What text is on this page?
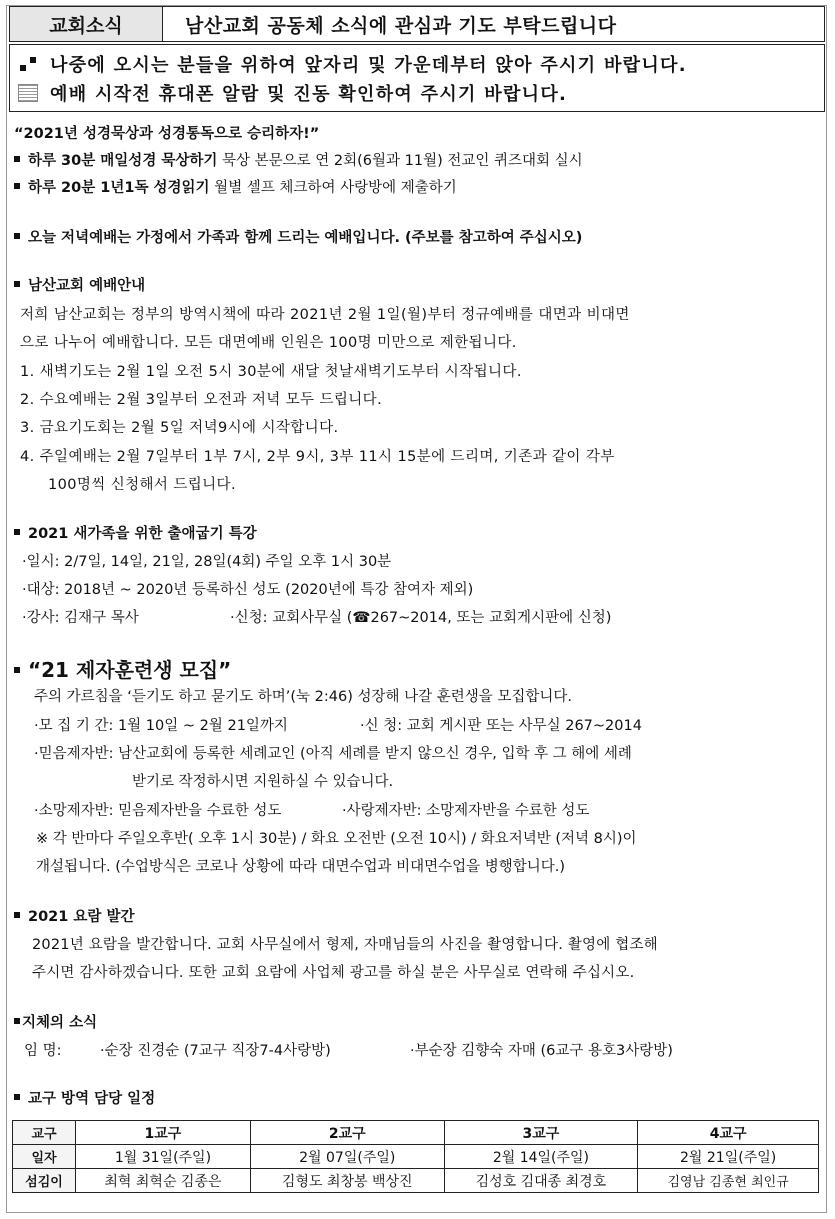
교회소식	남산교회 공동체 소식에 관심과 기도 부탁드립니다
나중에 오시는 분들을 위하여 앞자리 및 가운데부터 앉아 주시기 바랍니다.
예배 시작전 휴대폰 알람 및 진동 확인하여 주시기 바랍니다.
“2021년 성경묵상과 성경통독으로 승리하자!”
하루 30분 매일성경 묵상하기 묵상 본문으로 연 2회(6월과 11월) 전교인 퀴즈대회 실시
하루 20분 1년1독 성경읽기 월별 셀프 체크하여 사랑방에 제출하기
오늘 저녁예배는 가정에서 가족과 함께 드리는 예배입니다. (주보를 참고하여 주십시오)
남산교회 예배안내
저희 남산교회는 정부의 방역시책에 따라 2021년 2월 1일(월)부터 정규예배를 대면과 비대면
으로 나누어 예배합니다. 모든 대면예배 인원은 100명 미만으로 제한됩니다.
1. 새벽기도는 2월 1일 오전 5시 30분에 새달 첫날새벽기도부터 시작됩니다.
2. 수요예배는 2월 3일부터 오전과 저녁 모두 드립니다.
3. 금요기도회는 2월 5일 저녁9시에 시작합니다.
4. 주일예배는 2월 7일부터 1부 7시, 2부 9시, 3부 11시 15분에 드리며, 기존과 같이 각부
100명씩 신청해서 드립니다.
2021 새가족을 위한 출애굽기 특강
·일시: 2/7일, 14일, 21일, 28일(4회) 주일 오후 1시 30분
·대상: 2018년 ~ 2020년 등록하신 성도 (2020년에 특강 참여자 제외)
·강사: 김재구 목사	·신청: 교회사무실 (☎267~2014, 또는 교회게시판에 신청)
“21 제자훈련생 모집”
주의 가르침을 ‘듣기도 하고 묻기도 하며’(눅 2:46) 성장해 나갈 훈련생을 모집합니다.
·모 집 기 간: 1월 10일 ~ 2월 21일까지	·신 청: 교회 게시판 또는 사무실 267~2014
·믿음제자반: 남산교회에 등록한 세례교인 (아직 세례를 받지 않으신 경우, 입학 후 그 해에 세례
받기로 작정하시면 지원하실 수 있습니다.
·소망제자반: 믿음제자반을 수료한 성도	·사랑제자반: 소망제자반을 수료한 성도
※ 각 반마다 주일오후반( 오후 1시 30분) / 화요 오전반 (오전 10시) / 화요저녁반 (저녁 8시)이
개설됩니다. (수업방식은 코로나 상황에 따라 대면수업과 비대면수업을 병행합니다.)
2021 요람 발간
2021년 요람을 발간합니다. 교회 사무실에서 형제, 자매님들의 사진을 촬영합니다. 촬영에 협조해
주시면 감사하겠습니다. 또한 교회 요람에 사업체 광고를 하실 분은 사무실로 연락해 주십시오.
지체의 소식
임 명:	·순장 진경순 (7교구 직장7-4사랑방)	·부순장 김향숙 자매 (6교구 용호3사랑방)
교구 방역 담당 일정
교구	1교구	2교구	3교구	4교구
일자	1월 31일(주일)	2월 07일(주일)	2월 14일(주일)	2월 21일(주일)
섬김이	최혁 최혁순 김종은	김형도 최창봉 백상진	김성호 김대종 최경호	김영남 김종현 최인규
